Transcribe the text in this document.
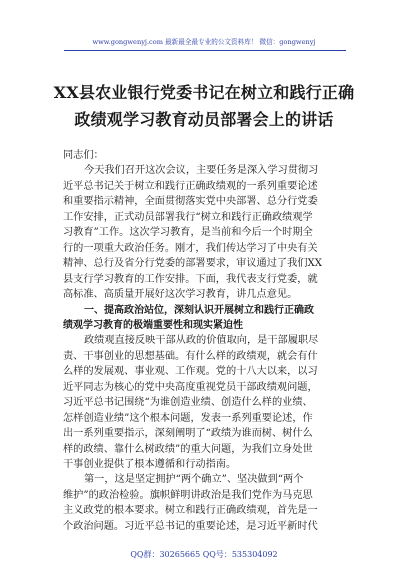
www.gongwenyj.com 最新最全最专业的公文资料库！ 微信：gongwenyj
XX县农业银行党委书记在树立和践行正确
政绩观学习教育动员部署会上的讲话
同志们：
今天我们召开这次会议，主要任务是深入学习贯彻习
近平总书记关于树立和践行正确政绩观的一系列重要论述
和重要指示精神，全面贯彻落实党中央部署、总分行党委
工作安排，正式动员部署我行“树立和践行正确政绩观学
习教育”工作。这次学习教育，是当前和今后一个时期全
行的一项重大政治任务。刚才，我们传达学习了中央有关
精神、总行及省分行党委的部署要求，审议通过了我们XX
县支行学习教育的工作安排。下面，我代表支行党委，就
高标准、高质量开展好这次学习教育，讲几点意见。
一、提高政治站位，深刻认识开展树立和践行正确政
绩观学习教育的极端重要性和现实紧迫性
政绩观直接反映干部从政的价值取向，是干部履职尽
责、干事创业的思想基础。有什么样的政绩观，就会有什
么样的发展观、事业观、工作观。党的十八大以来，以习
近平同志为核心的党中央高度重视党员干部政绩观问题，
习近平总书记围绕“为谁创造业绩、创造什么样的业绩、
怎样创造业绩”这个根本问题，发表一系列重要论述，作
出一系列重要指示，深刻阐明了“政绩为谁而树、树什么
样的政绩、靠什么树政绩”的重大问题，为我们立身处世
干事创业提供了根本遵循和行动指南。
第一，这是坚定拥护“两个确立”、坚决做到“两个
维护”的政治检验。旗帜鲜明讲政治是我们党作为马克思
主义政党的根本要求。树立和践行正确政绩观，首先是一
个政治问题。习近平总书记的重要论述，是习近平新时代
QQ群：30265665 QQ号：535304092
